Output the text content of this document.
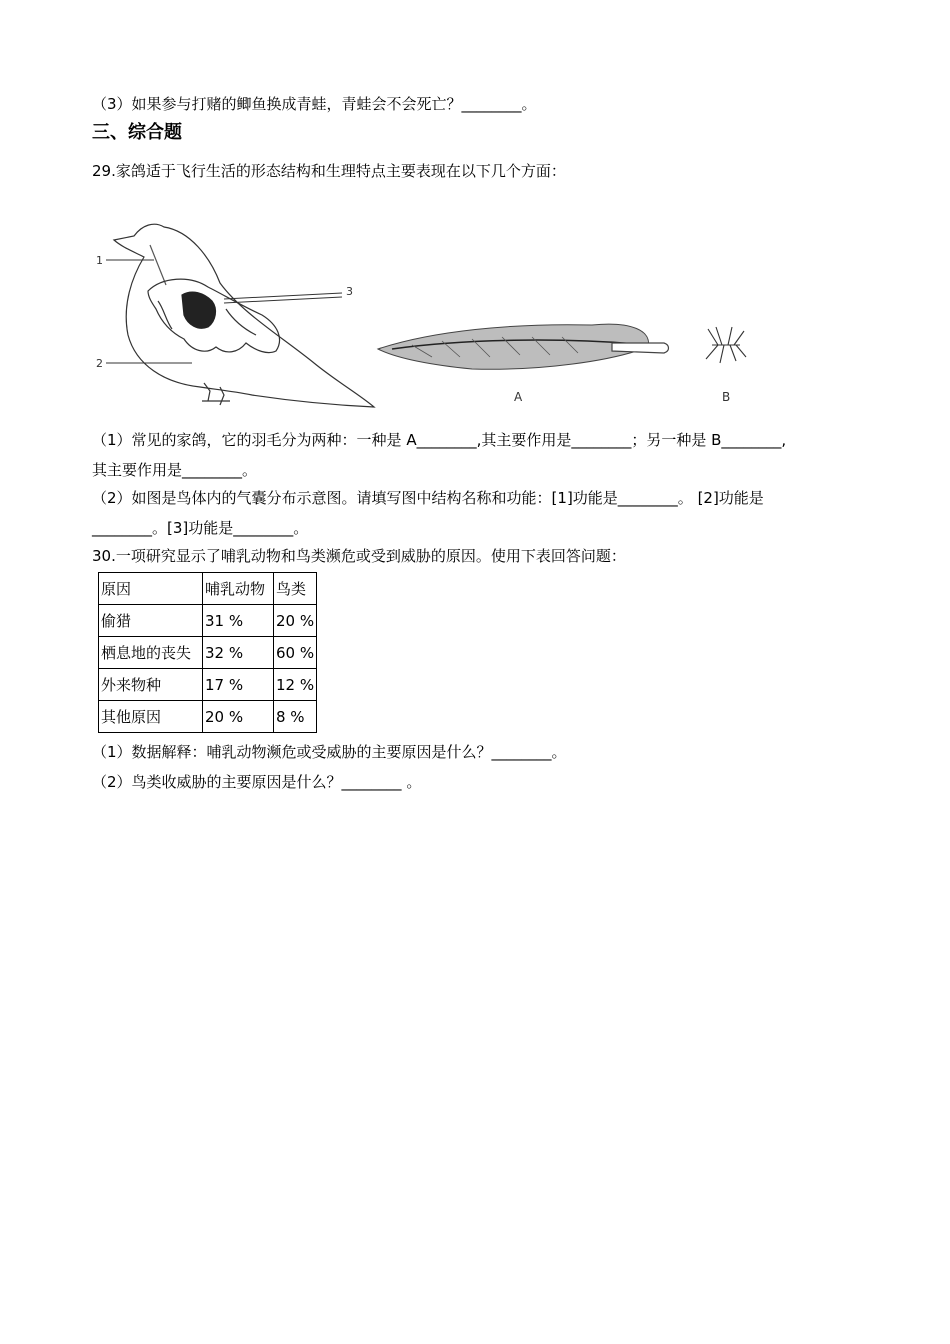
（3）如果参与打赌的鲫鱼换成青蛙，青蛙会不会死亡？________。
三、综合题
29.家鸽适于飞行生活的形态结构和生理特点主要表现在以下几个方面：
1
2
3
A	B
（1）常见的家鸽，它的羽毛分为两种：一种是 A________,其主要作用是________；另一种是 B________,
其主要作用是________。
（2）如图是鸟体内的气囊分布示意图。请填写图中结构名称和功能：[1]功能是________。 [2]功能是
________。[3]功能是________。
30.一项研究显示了哺乳动物和鸟类濒危或受到威胁的原因。使用下表回答问题：
原因	哺乳动物	鸟类
偷猎	31 %	20 %
栖息地的丧失	32 %	60 %
外来物种	17 %	12 %
其他原因	20 %	8 %
（1）数据解释：哺乳动物濒危或受威胁的主要原因是什么？________。
（2）鸟类收威胁的主要原因是什么？________ 。
